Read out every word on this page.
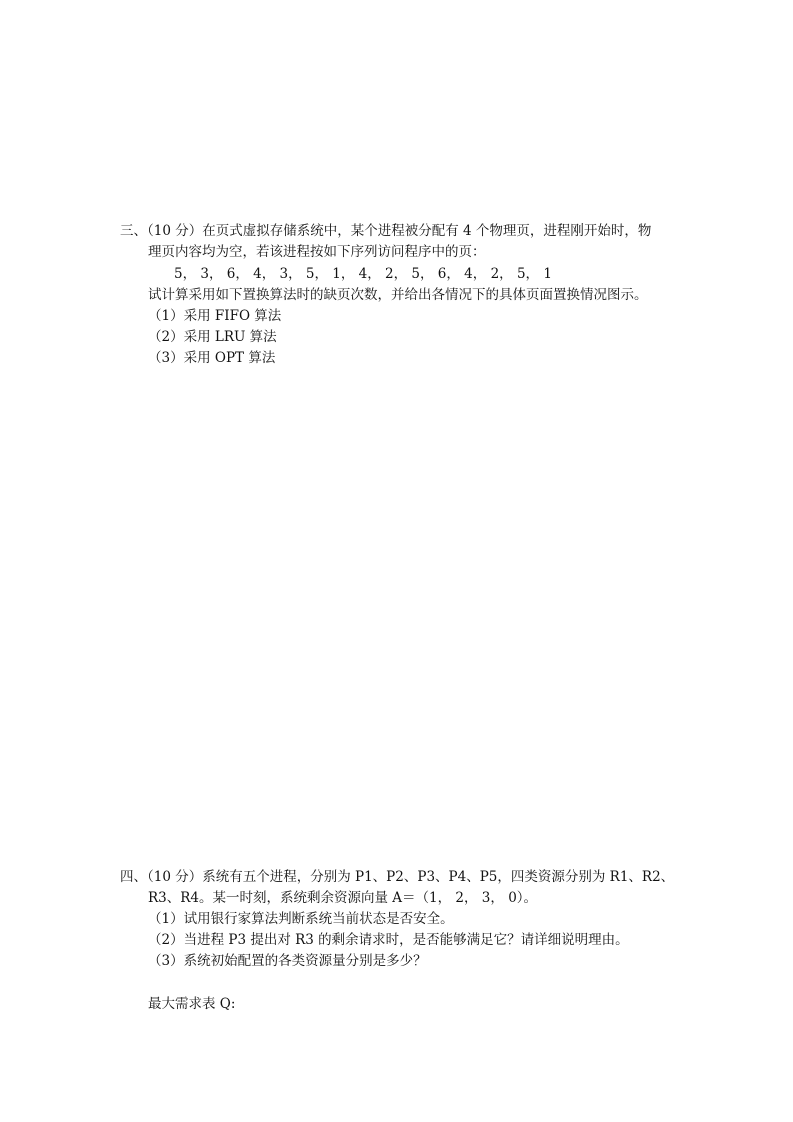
三、（10 分）在页式虚拟存储系统中，某个进程被分配有 4 个物理页，进程刚开始时，物
理页内容均为空，若该进程按如下序列访问程序中的页：
5， 3， 6， 4， 3， 5， 1， 4， 2， 5， 6， 4， 2， 5， 1
试计算采用如下置换算法时的缺页次数，并给出各情况下的具体页面置换情况图示。
（1）采用 FIFO 算法
（2）采用 LRU 算法
（3）采用 OPT 算法
四、（10 分）系统有五个进程，分别为 P1、P2、P3、P4、P5，四类资源分别为 R1、R2、
R3、R4。某一时刻，系统剩余资源向量 A＝（1， 2， 3， 0）。
（1）试用银行家算法判断系统当前状态是否安全。
（2）当进程 P3 提出对 R3 的剩余请求时，是否能够满足它？请详细说明理由。
（3）系统初始配置的各类资源量分别是多少？
最大需求表 Q:
